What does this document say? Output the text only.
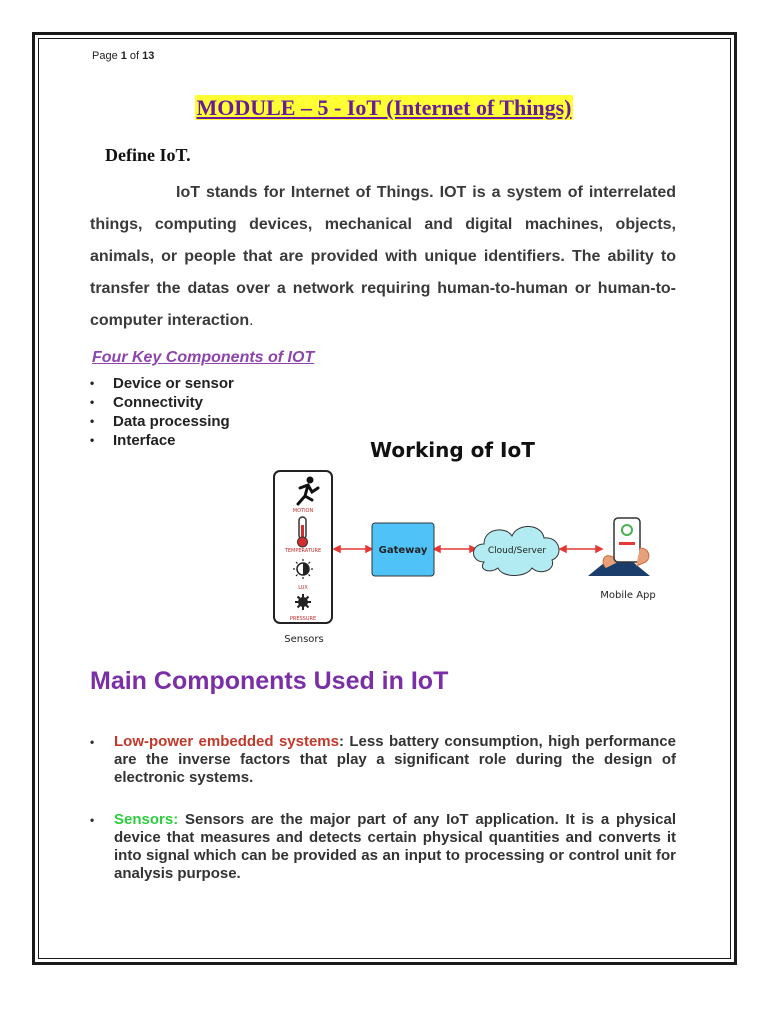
Page 1 of 13
MODULE – 5 - IoT (Internet of Things)
Define IoT.
IoT stands for Internet of Things. IOT is a system of interrelated things, computing devices, mechanical and digital machines, objects, animals, or people that are provided with unique identifiers. The ability to transfer the datas over a network requiring human-to-human or human-to-computer interaction.
Four Key Components of IOT
• Device or sensor
• Connectivity
• Data processing
• Interface	Working of IoT
MOTION
TEMPERATURE
LUX
PRESSURE
Sensors
Gateway	Cloud/Server
Mobile App
Main Components Used in IoT
• Low-power embedded systems: Less battery consumption, high performance are the inverse factors that play a significant role during the design of electronic systems.
• Sensors: Sensors are the major part of any IoT application. It is a physical device that measures and detects certain physical quantities and converts it into signal which can be provided as an input to processing or control unit for analysis purpose.
